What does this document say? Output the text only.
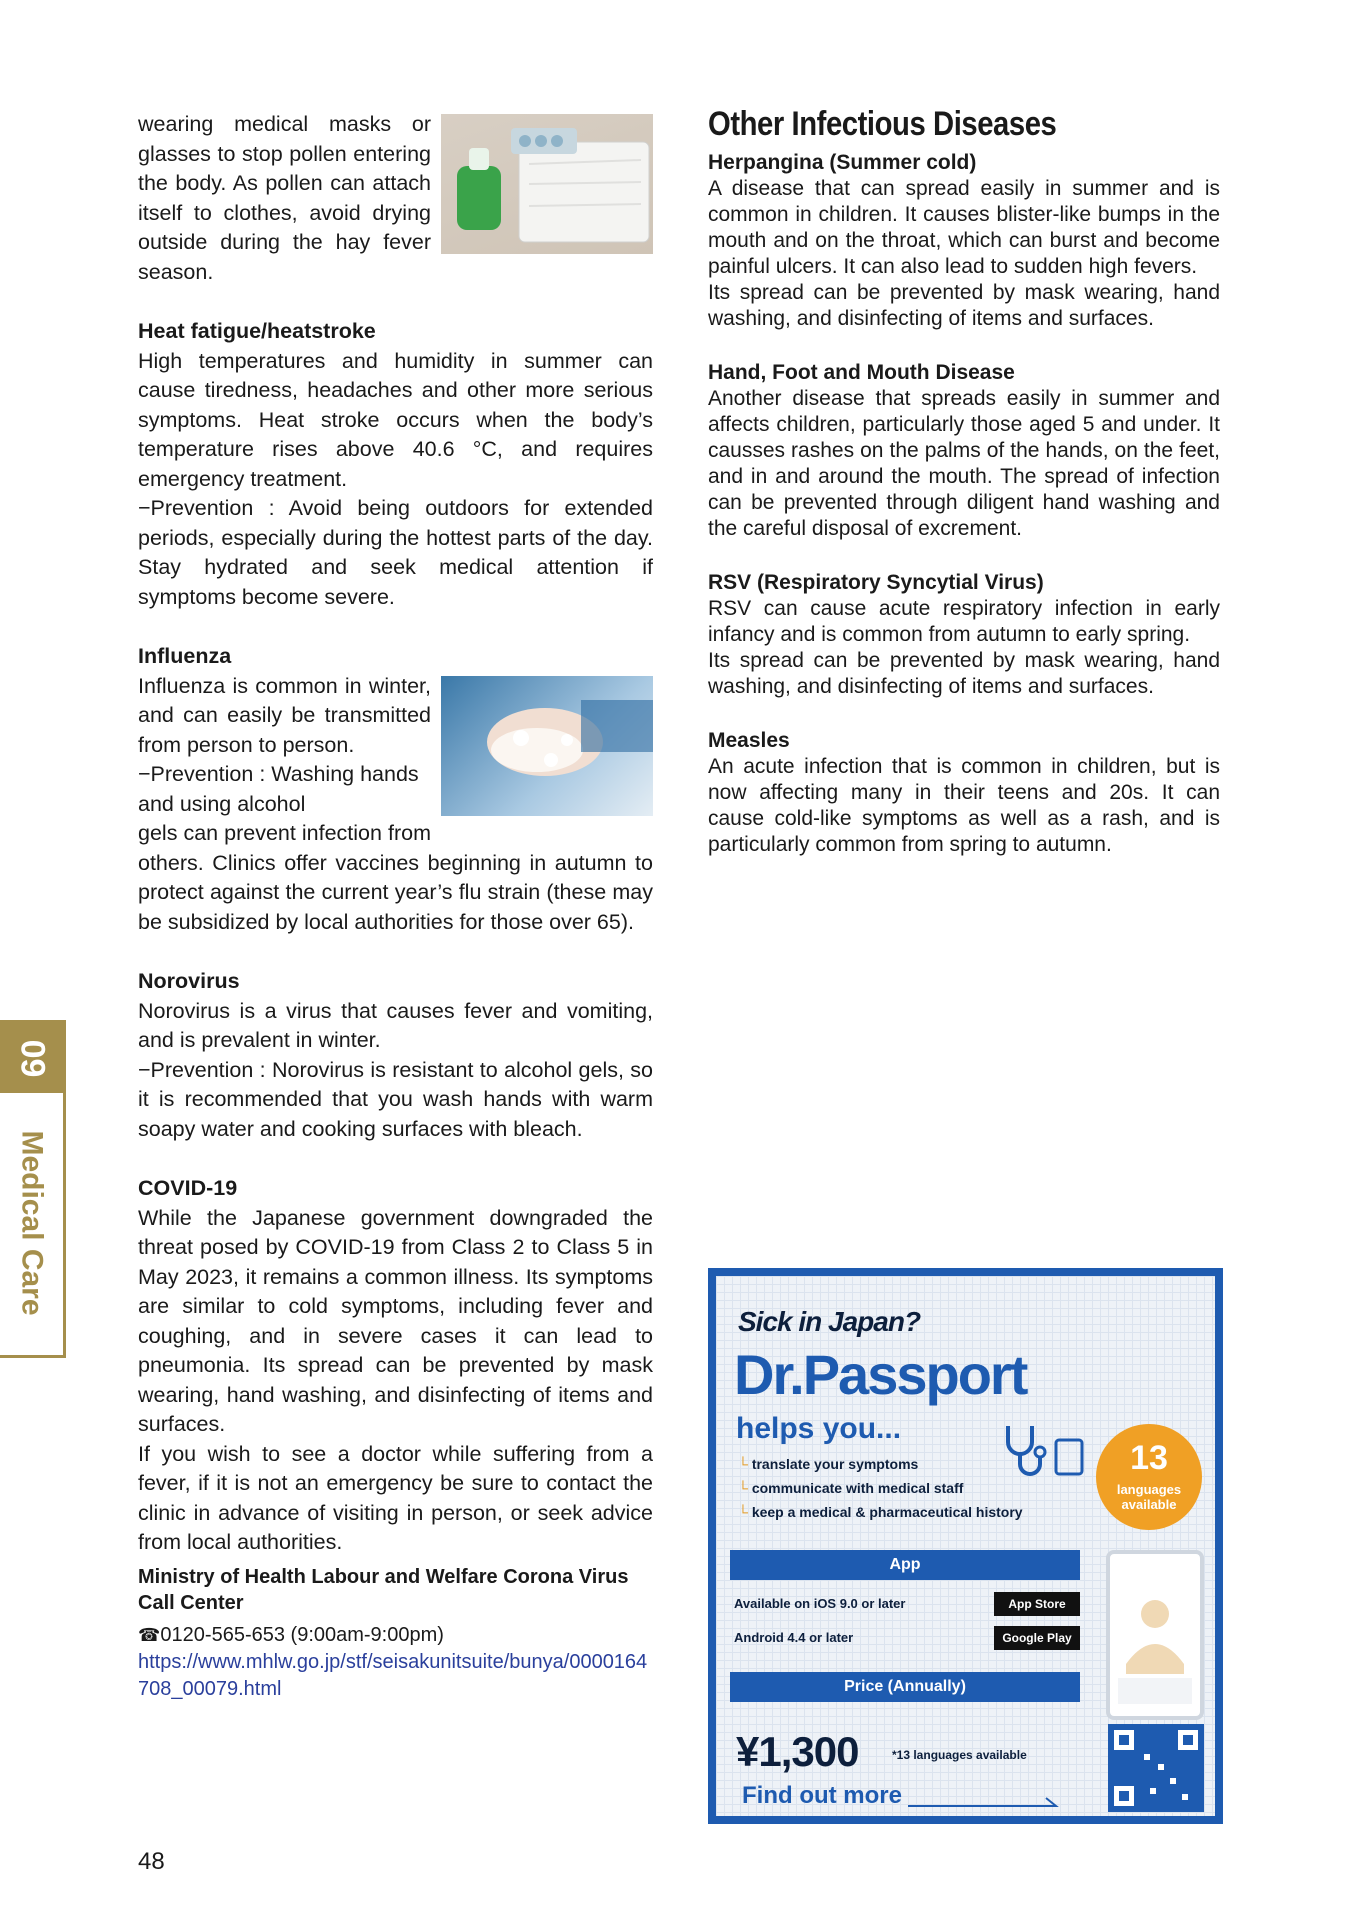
09
Medical Care

wearing medical masks or glasses to stop pollen entering the body. As pollen can attach itself to clothes, avoid drying outside during the hay fever season.

Heat fatigue/heatstroke

High temperatures and humidity in summer can cause tiredness, headaches and other more serious symptoms. Heat stroke occurs when the body’s temperature rises above 40.6 °C, and requires emergency treatment.

−Prevention : Avoid being outdoors for extended periods, especially during the hottest parts of the day. Stay hydrated and seek medical attention if symptoms become severe.

Influenza

Influenza is common in winter, and can easily be transmitted from person to person.

−Prevention : Washing hands and using alcohol

gels can prevent infection from others. Clinics offer vaccines beginning in autumn to protect against the current year’s flu strain (these may be subsidized by local authorities for those over 65).

Norovirus

Norovirus is a virus that causes fever and vomiting, and is prevalent in winter.

−Prevention : Norovirus is resistant to alcohol gels, so it is recommended that you wash hands with warm soapy water and cooking surfaces with bleach.

COVID-19

While the Japanese government downgraded the threat posed by COVID-19 from Class 2 to Class 5 in May 2023, it remains a common illness. Its symptoms are similar to cold symptoms, including fever and coughing, and in severe cases it can lead to pneumonia. Its spread can be prevented by mask wearing, hand washing, and disinfecting of items and surfaces.

If you wish to see a doctor while suffering from a fever, if it is not an emergency be sure to contact the clinic in advance of visiting in person, or seek advice from local authorities.

Ministry of Health Labour and Welfare Corona Virus Call Center
☎0120-565-653 (9:00am-9:00pm)
https://www.mhlw.go.jp/stf/seisakunitsuite/bunya/0000164708_00079.html
Other Infectious Diseases
Herpangina (Summer cold)

A disease that can spread easily in summer and is common in children. It causes blister-like bumps in the mouth and on the throat, which can burst and become painful ulcers. It can also lead to sudden high fevers.

Its spread can be prevented by mask wearing, hand washing, and disinfecting of items and surfaces.

Hand, Foot and Mouth Disease

Another disease that spreads easily in summer and affects children, particularly those aged 5 and under. It causses rashes on the palms of the hands, on the feet, and in and around the mouth. The spread of infection can be prevented through diligent hand washing and the careful disposal of excrement.

RSV (Respiratory Syncytial Virus)

RSV can cause acute respiratory infection in early infancy and is common from autumn to early spring.

Its spread can be prevented by mask wearing, hand washing, and disinfecting of items and surfaces.

Measles

An acute infection that is common in children, but is now affecting many in their teens and 20s. It can cause cold-like symptoms as well as a rash, and is particularly common from spring to autumn.

Sick in Japan?
Dr.Passport
helps you...
└ translate your symptoms
└ communicate with medical staff
└ keep a medical & pharmaceutical history
13
languages available
App
Available on iOS 9.0 or later	App Store
Android 4.4 or later	Google Play
Price (Annually)
¥1,300	*13 languages available
Find out more
48
